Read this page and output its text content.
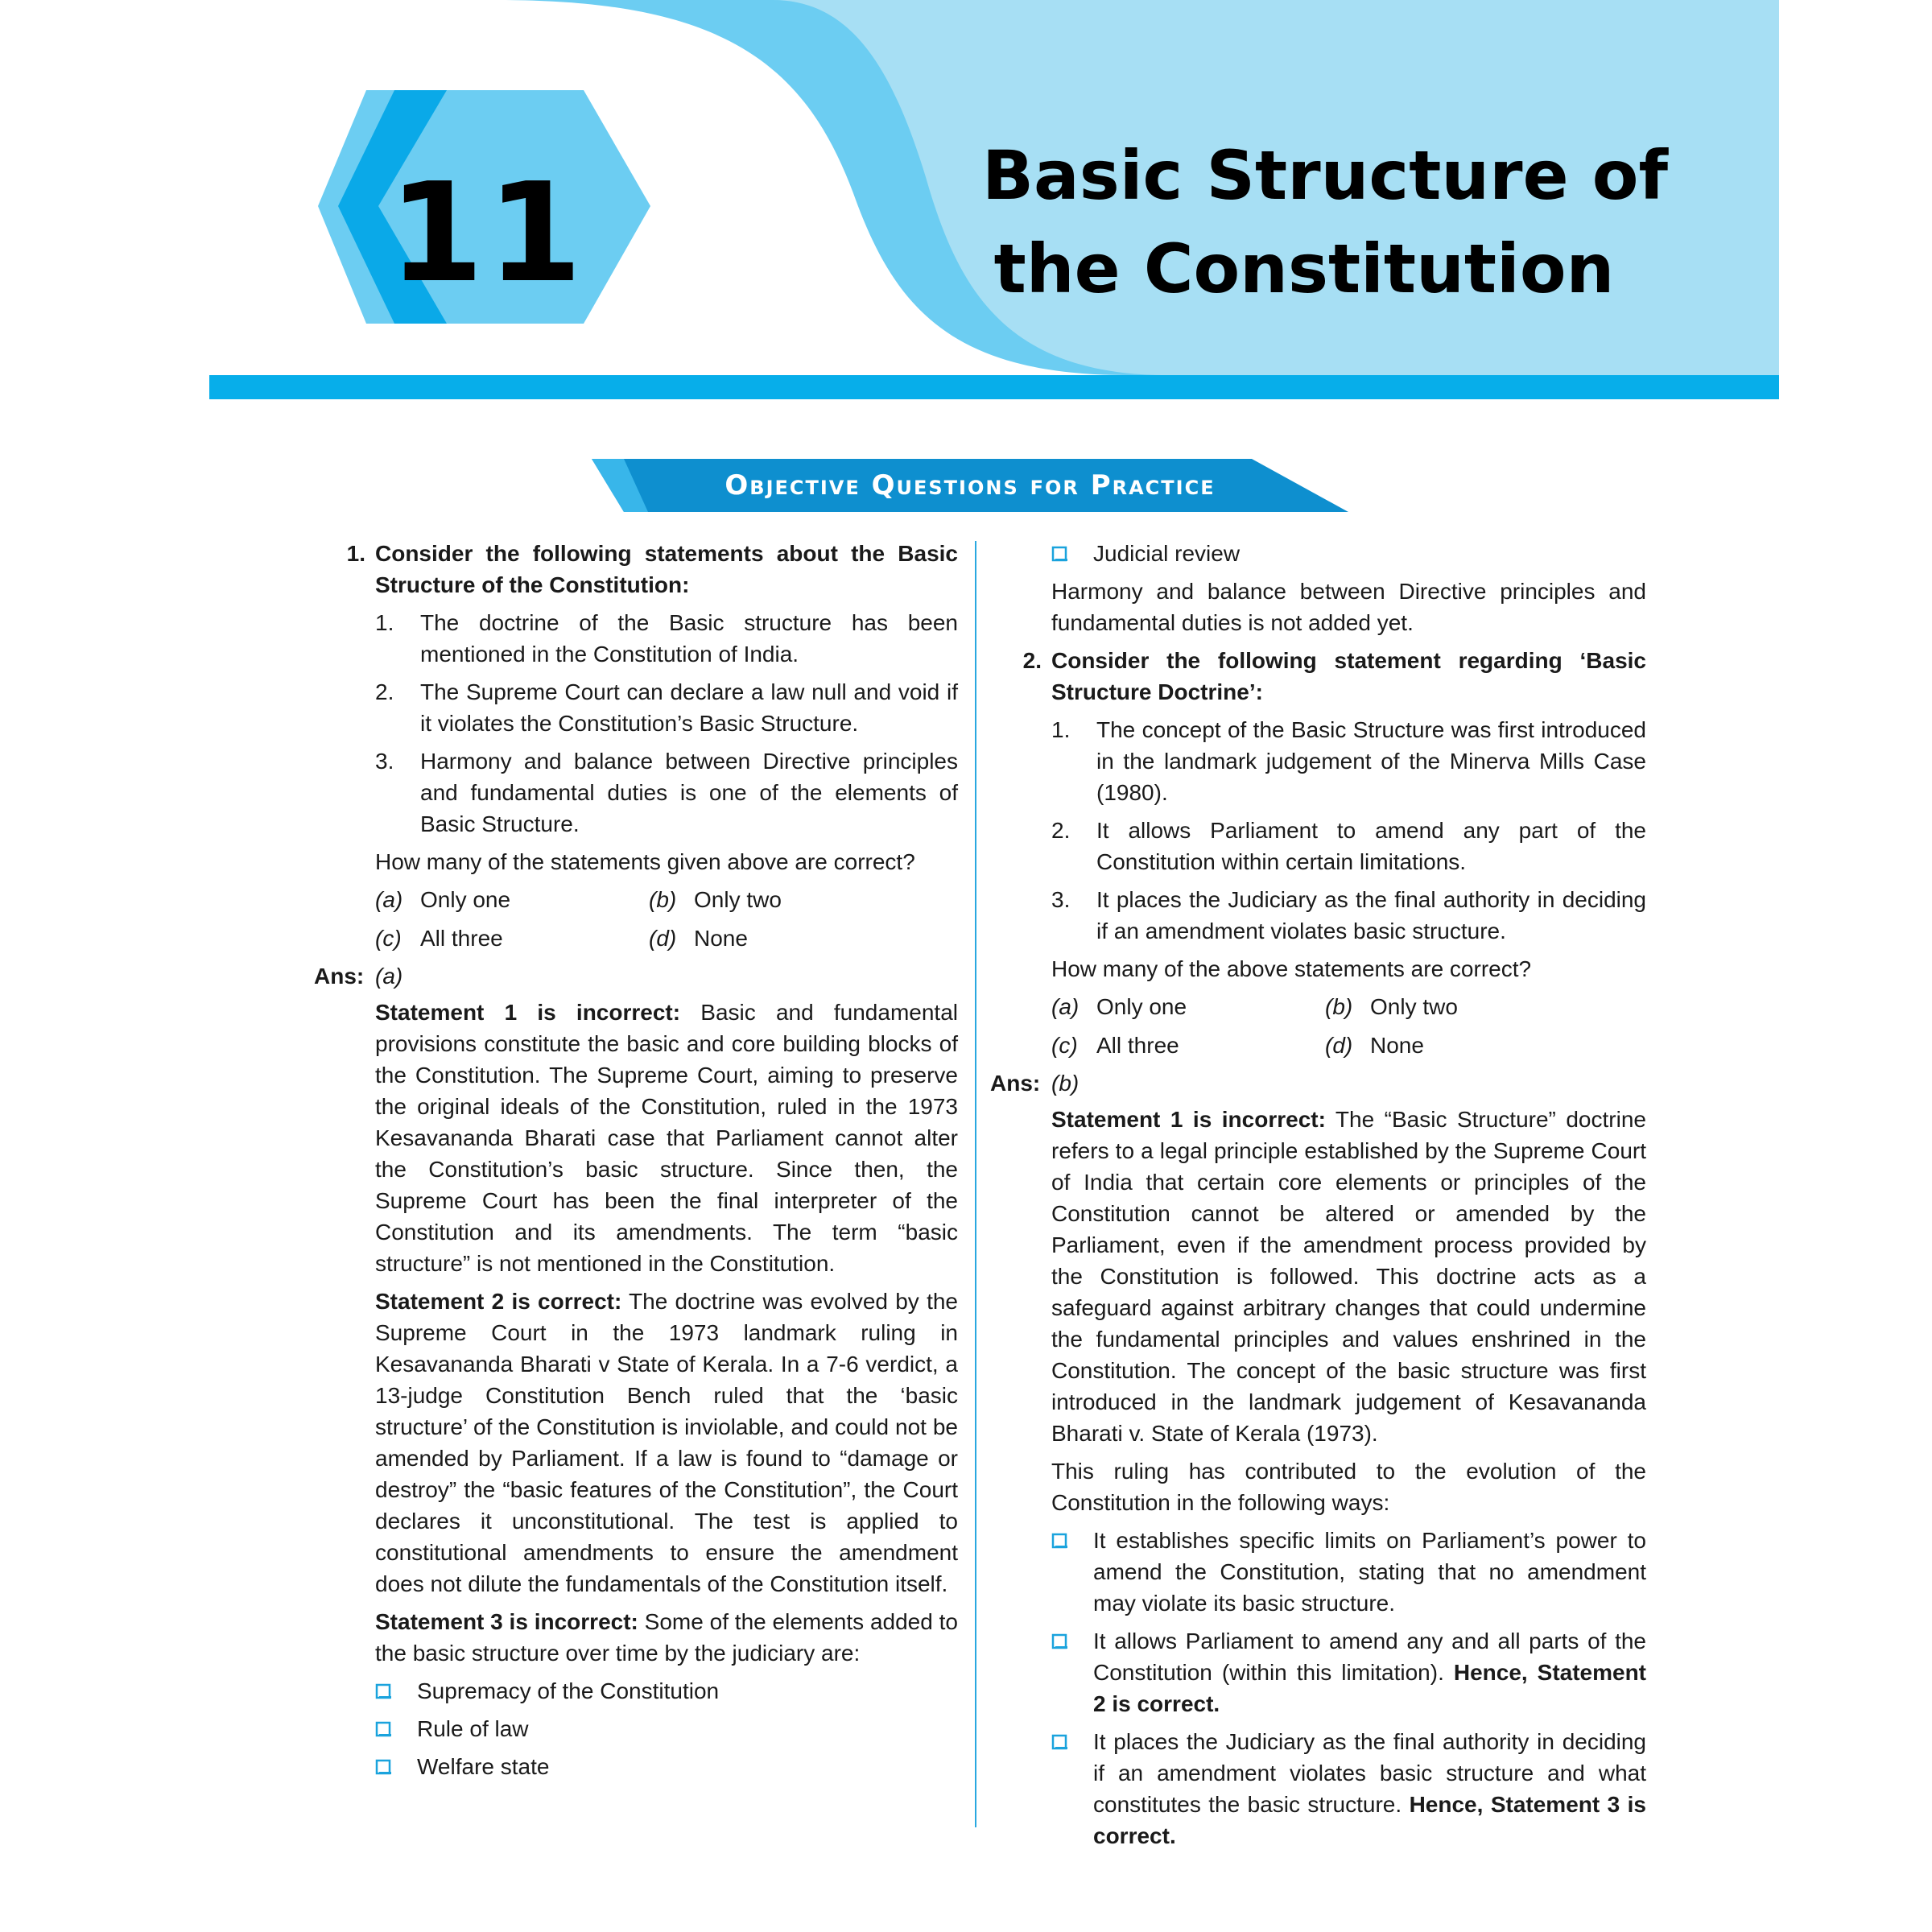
11	Basic Structure of
the Constitution
Objective Questions for Practice
1. Consider the following statements about the Basic Structure of the Constitution:
1.	The doctrine of the Basic structure has been mentioned in the Constitution of India.
2.	The Supreme Court can declare a law null and void if it violates the Constitution’s Basic Structure.
3.	Harmony and balance between Directive principles and fundamental duties is one of the elements of Basic Structure.
How many of the statements given above are correct?
(a) Only one	(b) Only two
(c) All three	(d) None
Ans: (a)
Statement 1 is incorrect: Basic and fundamental provisions constitute the basic and core building blocks of the Constitution. The Supreme Court, aiming to preserve the original ideals of the Constitution, ruled in the 1973 Kesavananda Bharati case that Parliament cannot alter the Constitution’s basic structure. Since then, the Supreme Court has been the final interpreter of the Constitution and its amendments. The term “basic structure” is not mentioned in the Constitution.
Statement 2 is correct: The doctrine was evolved by the Supreme Court in the 1973 landmark ruling in Kesavananda Bharati v State of Kerala. In a 7-6 verdict, a 13-judge Constitution Bench ruled that the ‘basic structure’ of the Constitution is inviolable, and could not be amended by Parliament. If a law is found to “damage or destroy” the “basic features of the Constitution”, the Court declares it unconstitutional. The test is applied to constitutional amendments to ensure the amendment does not dilute the fundamentals of the Constitution itself.
Statement 3 is incorrect: Some of the elements added to the basic structure over time by the judiciary are:
Supremacy of the Constitution
Rule of law
Welfare state
Judicial review
Harmony and balance between Directive principles and fundamental duties is not added yet.
2. Consider the following statement regarding ‘Basic Structure Doctrine’:
1.	The concept of the Basic Structure was first introduced in the landmark judgement of the Minerva Mills Case (1980).
2.	It allows Parliament to amend any part of the Constitution within certain limitations.
3.	It places the Judiciary as the final authority in deciding if an amendment violates basic structure.
How many of the above statements are correct?
(a) Only one	(b) Only two
(c) All three	(d) None
Ans: (b)
Statement 1 is incorrect: The “Basic Structure” doctrine refers to a legal principle established by the Supreme Court of India that certain core elements or principles of the Constitution cannot be altered or amended by the Parliament, even if the amendment process provided by the Constitution is followed. This doctrine acts as a safeguard against arbitrary changes that could undermine the fundamental principles and values enshrined in the Constitution. The concept of the basic structure was first introduced in the landmark judgement of Kesavananda Bharati v. State of Kerala (1973).
This ruling has contributed to the evolution of the Constitution in the following ways:
It establishes specific limits on Parliament’s power to amend the Constitution, stating that no amendment may violate its basic structure.
It allows Parliament to amend any and all parts of the Constitution (within this limitation). Hence, Statement 2 is correct.
It places the Judiciary as the final authority in deciding if an amendment violates basic structure and what constitutes the basic structure. Hence, Statement 3 is correct.
